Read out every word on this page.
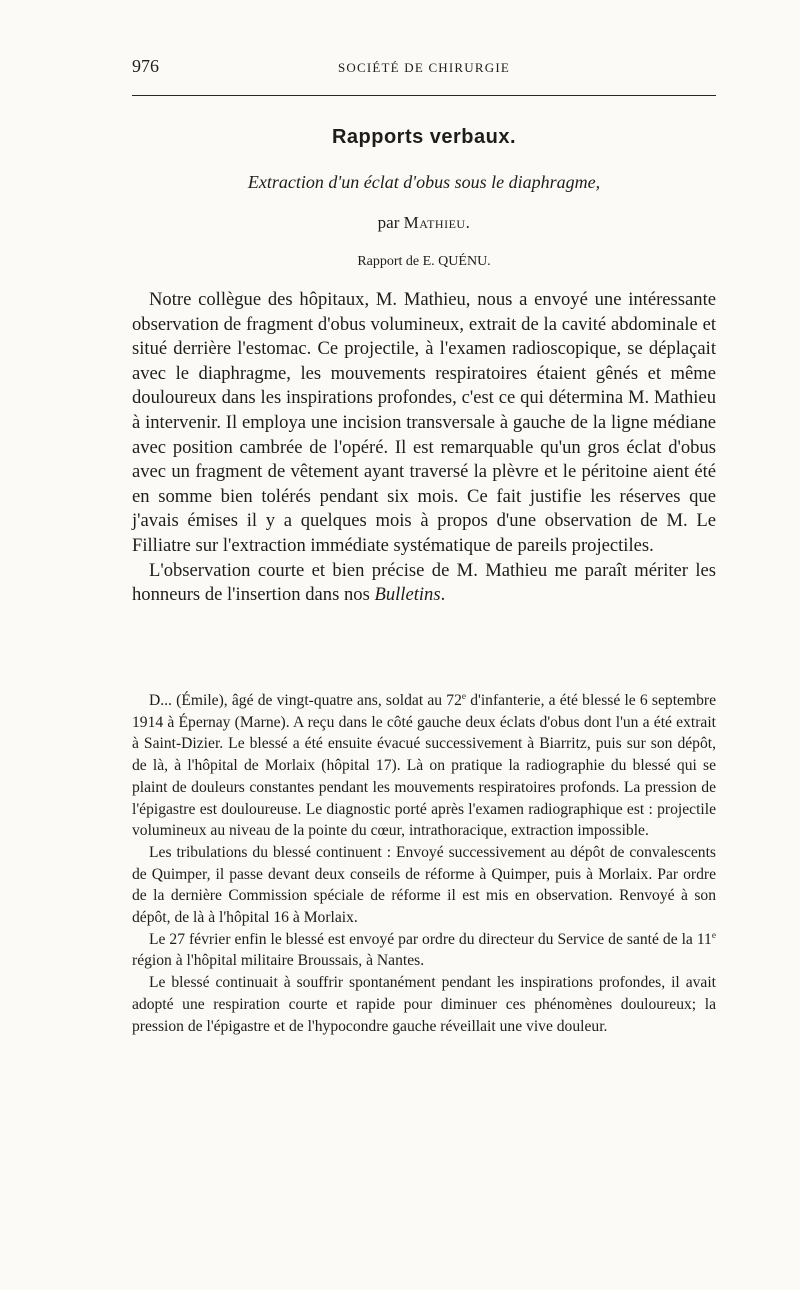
976	SOCIÉTÉ DE CHIRURGIE
Rapports verbaux.
Extraction d'un éclat d'obus sous le diaphragme,
par Mathieu.
Rapport de E. QUÉNU.

Notre collègue des hôpitaux, M. Mathieu, nous a envoyé une intéressante observation de fragment d'obus volumineux, extrait de la cavité abdominale et situé derrière l'estomac. Ce projectile, à l'examen radioscopique, se déplaçait avec le diaphragme, les mouvements respiratoires étaient gênés et même douloureux dans les inspirations profondes, c'est ce qui détermina M. Mathieu à intervenir. Il employa une incision transversale à gauche de la ligne médiane avec position cambrée de l'opéré. Il est remarquable qu'un gros éclat d'obus avec un fragment de vêtement ayant traversé la plèvre et le péritoine aient été en somme bien tolérés pendant six mois. Ce fait justifie les réserves que j'avais émises il y a quelques mois à propos d'une observation de M. Le Filliatre sur l'extraction immédiate systématique de pareils projectiles.

L'observation courte et bien précise de M. Mathieu me paraît mériter les honneurs de l'insertion dans nos Bulletins.

D... (Émile), âgé de vingt-quatre ans, soldat au 72e d'infanterie, a été blessé le 6 septembre 1914 à Épernay (Marne). A reçu dans le côté gauche deux éclats d'obus dont l'un a été extrait à Saint-Dizier. Le blessé a été ensuite évacué successivement à Biarritz, puis sur son dépôt, de là, à l'hôpital de Morlaix (hôpital 17). Là on pratique la radiographie du blessé qui se plaint de douleurs constantes pendant les mouvements respiratoires profonds. La pression de l'épigastre est douloureuse. Le diagnostic porté après l'examen radiographique est : projectile volumineux au niveau de la pointe du cœur, intrathoracique, extraction impossible.

Les tribulations du blessé continuent : Envoyé successivement au dépôt de convalescents de Quimper, il passe devant deux conseils de réforme à Quimper, puis à Morlaix. Par ordre de la dernière Commission spéciale de réforme il est mis en observation. Renvoyé à son dépôt, de là à l'hôpital 16 à Morlaix.

Le 27 février enfin le blessé est envoyé par ordre du directeur du Service de santé de la 11e région à l'hôpital militaire Broussais, à Nantes.

Le blessé continuait à souffrir spontanément pendant les inspirations profondes, il avait adopté une respiration courte et rapide pour diminuer ces phénomènes douloureux; la pression de l'épigastre et de l'hypocondre gauche réveillait une vive douleur.
